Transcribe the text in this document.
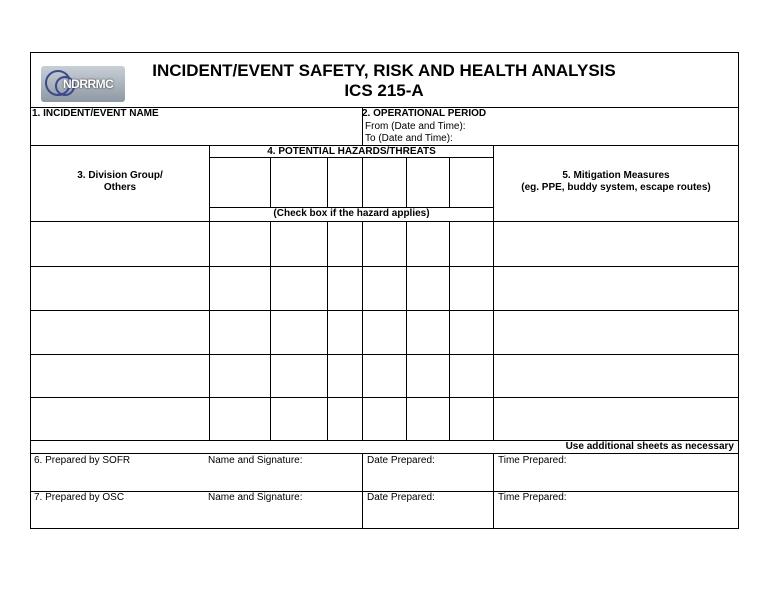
NDRRMC
INCIDENT/EVENT SAFETY, RISK AND HEALTH ANALYSIS
ICS 215-A
1. INCIDENT/EVENT NAME	2. OPERATIONAL PERIOD
From (Date and Time):
To (Date and Time):
4. POTENTIAL HAZARDS/THREATS
3. Division Group/
Others
5. Mitigation Measures
(eg. PPE, buddy system, escape routes)
(Check box if the hazard applies)
Use additional sheets as necessary
6. Prepared by SOFR	Name and Signature:	Date Prepared:	Time Prepared:
7. Prepared by OSC	Name and Signature:	Date Prepared:	Time Prepared:
